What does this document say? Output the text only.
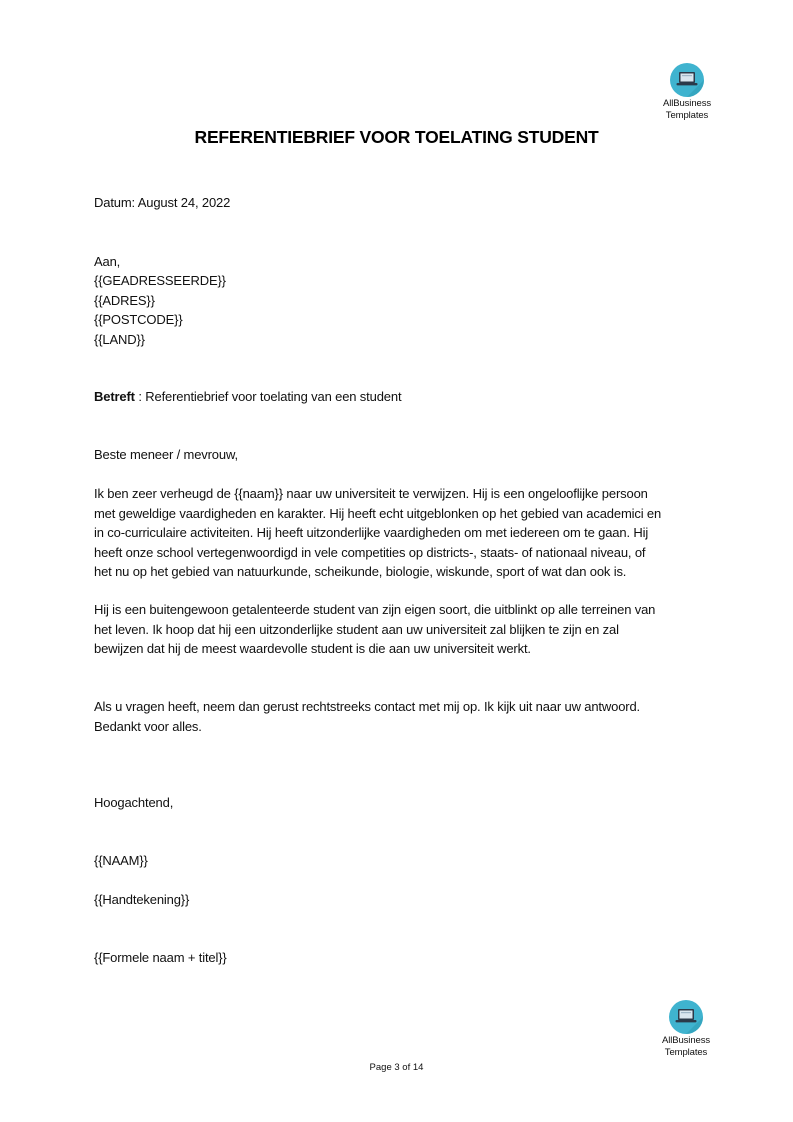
AllBusiness
Templates
REFERENTIEBRIEF VOOR TOELATING STUDENT
Datum: August 24, 2022
Aan,
{{GEADRESSEERDE}}
{{ADRES}}
{{POSTCODE}}
{{LAND}}
Betreft : Referentiebrief voor toelating van een student
Beste meneer / mevrouw,
Ik ben zeer verheugd de {{naam}} naar uw universiteit te verwijzen. Hij is een ongelooflijke persoon
met geweldige vaardigheden en karakter. Hij heeft echt uitgeblonken op het gebied van academici en
in co-curriculaire activiteiten. Hij heeft uitzonderlijke vaardigheden om met iedereen om te gaan. Hij
heeft onze school vertegenwoordigd in vele competities op districts-, staats- of nationaal niveau, of
het nu op het gebied van natuurkunde, scheikunde, biologie, wiskunde, sport of wat dan ook is.
Hij is een buitengewoon getalenteerde student van zijn eigen soort, die uitblinkt op alle terreinen van
het leven. Ik hoop dat hij een uitzonderlijke student aan uw universiteit zal blijken te zijn en zal
bewijzen dat hij de meest waardevolle student is die aan uw universiteit werkt.
Als u vragen heeft, neem dan gerust rechtstreeks contact met mij op. Ik kijk uit naar uw antwoord.
Bedankt voor alles.
Hoogachtend,
{{NAAM}}
{{Handtekening}}
{{Formele naam + titel}}
AllBusiness
Templates
Page 3 of 14
